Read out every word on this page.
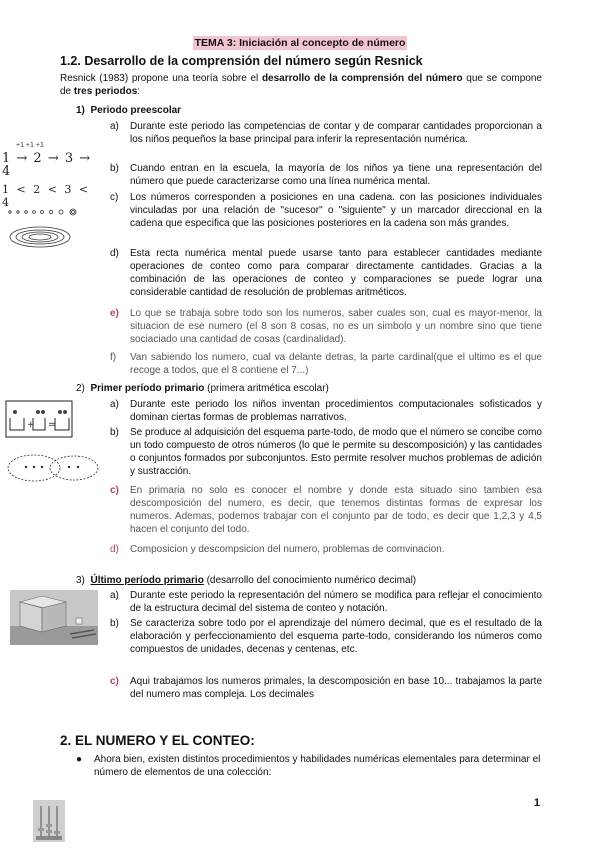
TEMA 3: Iniciación al concepto de número
1.2. Desarrollo de la comprensión del número según Resnick
Resnick (1983) propone una teoría sobre el desarrollo de la comprensión del número que se compone de tres periodos:
1) Periodo preescolar
a)	Durante este periodo las competencias de contar y de comparar cantidades proporcionan a los niños pequeños la base principal para inferir la representación numérica.
b)	Cuando entran en la escuela, la mayoría de los niños ya tiene una representación del número que puede caracterizarse como una línea numérica mental.
c)	Los números corresponden a posiciones en una cadena. con las posiciones individuales vinculadas por una relación de "sucesor" o "siguiente" y un marcador direccional en la cadena que especifica que las posiciones posteriores en la cadena son más grandes.
d)	Esta recta numérica mental puede usarse tanto para establecer cantidades mediante operaciones de conteo como para comparar directamente cantidades. Gracias a la combinación de las operaciones de conteo y comparaciones se puede lograr una considerable cantidad de resolución de problemas aritméticos.
e)	Lo que se trabaja sobre todo son los numeros, saber cuales son, cual es mayor-menor, la situacion de ese numero (el 8 son 8 cosas, no es un simbolo y un nombre sino que tiene sociaciado una cantidad de cosas (cardinalidad).
f)	Van sabiendo los numero, cual va delante detras, la parte cardinal(que el ultimo es el que recoge a todos, que el 8 contiene el 7...)
2) Primer período primario (primera aritmética escolar)
a)	Durante este periodo los niños inventan procedimientos computacionales sofisticados y dominan ciertas formas de problemas narrativos.
b)	Se produce al adquisición del esquema parte-todo, de modo que el número se concibe como un todo compuesto de otros números (lo que le permite su descomposición) y las cantidades o conjuntos formados por subconjuntos. Esto permite resolver muchos problemas de adición y sustracción.
c)	En primaria no solo es conocer el nombre y donde esta situado sino tambien esa descomposición del numero, es decir, que tenemos distintas formas de expresar los numeros. Ademas, podemos trabajar con el conjunto par de todo, es decir que 1,2,3 y 4,5 hacen el conjunto del todo.
d)	Composicion y descompsicion del numero, problemas de comvinacion.
3) Último período primario (desarrollo del conocimiento numérico decimal)
a)	Durante este periodo la representación del número se modifica para reflejar el conocimiento de la estructura decimal del sistema de conteo y notación.
b)	Se caracteriza sobre todo por el aprendizaje del número decimal, que es el resultado de la elaboración y perfeccionamiento del esquema parte-todo, considerando los números como compuestos de unidades, decenas y centenas, etc.
c)	Aqui trabajamos los numeros primales, la descomposición en base 10... trabajamos la parte del numero mas compleja. Los decimales
2. EL NUMERO Y EL CONTEO:
● Ahora bien, existen distintos procedimientos y habilidades numéricas elementales para determinar el número de elementos de una colección:
1
+1 +1 +1
1 → 2 → 3 → 4
1 < 2 < 3 < 4
+ =
